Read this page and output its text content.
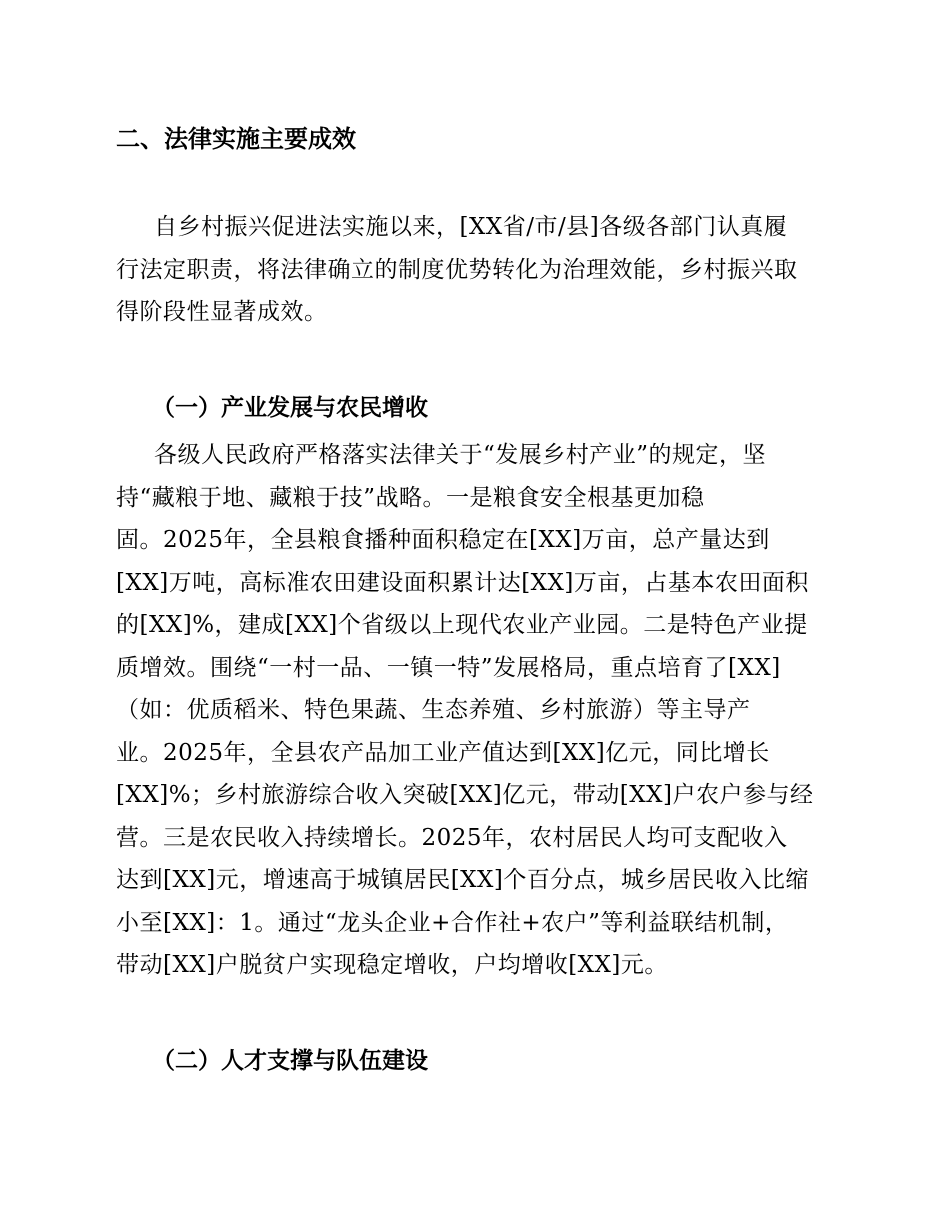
二、法律实施主要成效
自乡村振兴促进法实施以来，[XX省/市/县]各级各部门认真履
行法定职责，将法律确立的制度优势转化为治理效能，乡村振兴取
得阶段性显著成效。
（一）产业发展与农民增收
各级人民政府严格落实法律关于“发展乡村产业”的规定，坚
持“藏粮于地、藏粮于技”战略。一是粮食安全根基更加稳
固。2025年，全县粮食播种面积稳定在[XX]万亩，总产量达到
[XX]万吨，高标准农田建设面积累计达[XX]万亩，占基本农田面积
的[XX]%，建成[XX]个省级以上现代农业产业园。二是特色产业提
质增效。围绕“一村一品、一镇一特”发展格局，重点培育了[XX]
（如：优质稻米、特色果蔬、生态养殖、乡村旅游）等主导产
业。2025年，全县农产品加工业产值达到[XX]亿元，同比增长
[XX]%；乡村旅游综合收入突破[XX]亿元，带动[XX]户农户参与经
营。三是农民收入持续增长。2025年，农村居民人均可支配收入
达到[XX]元，增速高于城镇居民[XX]个百分点，城乡居民收入比缩
小至[XX]：1。通过“龙头企业+合作社+农户”等利益联结机制，
带动[XX]户脱贫户实现稳定增收，户均增收[XX]元。
（二）人才支撑与队伍建设
